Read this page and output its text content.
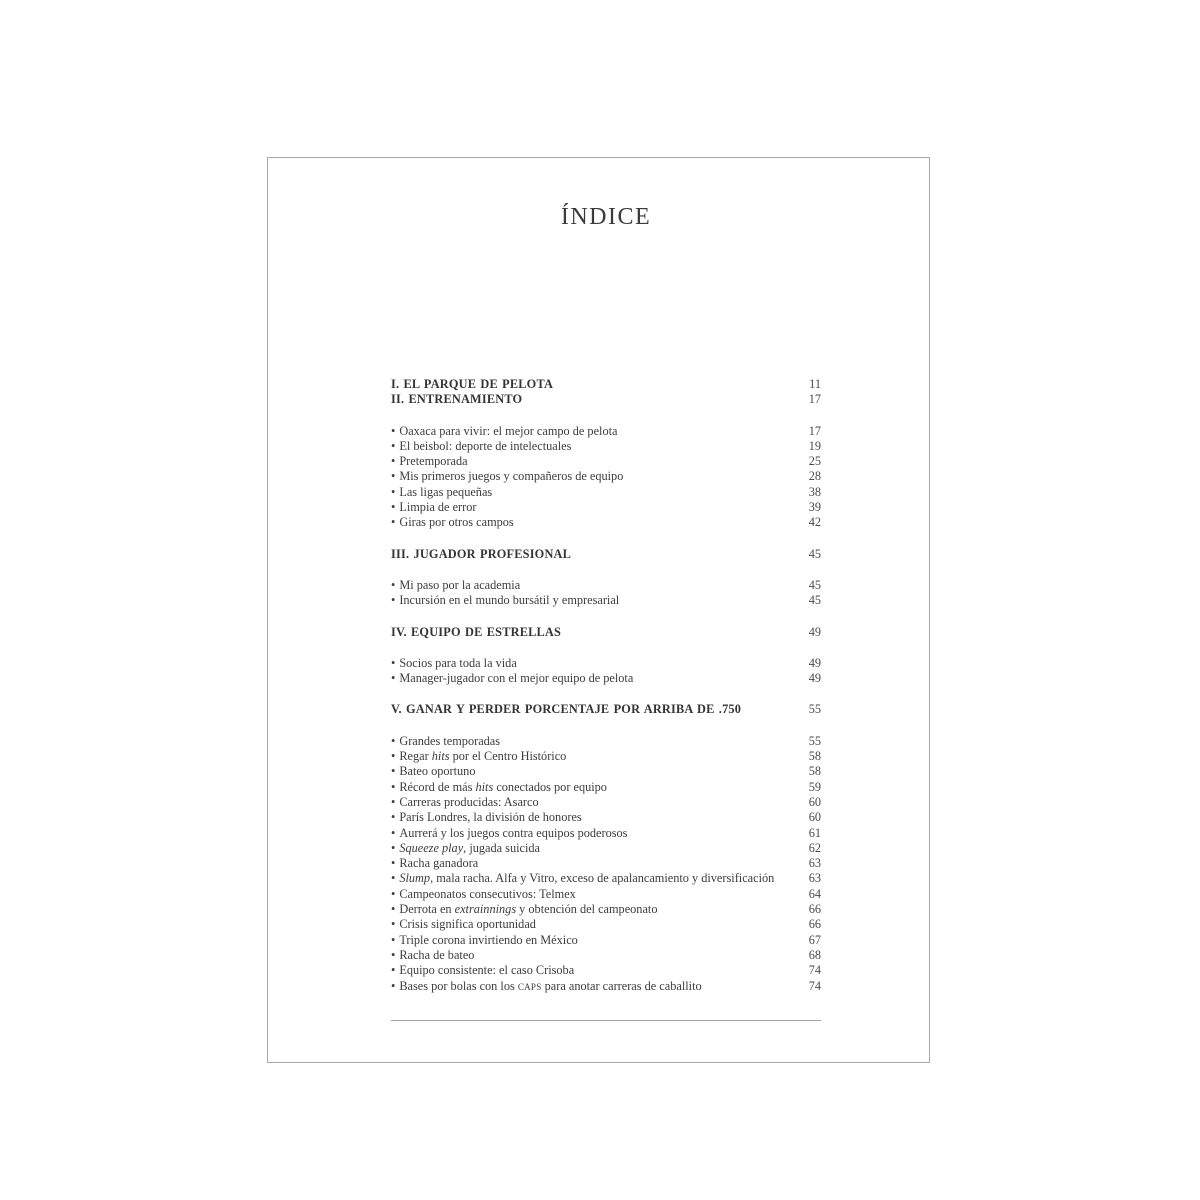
ÍNDICE
I. EL PARQUE DE PELOTA	11
II. ENTRENAMIENTO	17
• Oaxaca para vivir: el mejor campo de pelota	17
• El beisbol: deporte de intelectuales	19
• Pretemporada	25
• Mis primeros juegos y compañeros de equipo	28
• Las ligas pequeñas	38
• Limpia de error	39
• Giras por otros campos	42
III. JUGADOR PROFESIONAL	45
• Mi paso por la academia	45
• Incursión en el mundo bursátil y empresarial	45
IV. EQUIPO DE ESTRELLAS	49
• Socios para toda la vida	49
• Manager-jugador con el mejor equipo de pelota	49
V. GANAR Y PERDER PORCENTAJE POR ARRIBA DE .750	55
• Grandes temporadas	55
• Regar hits por el Centro Histórico	58
• Bateo oportuno	58
• Récord de más hits conectados por equipo	59
• Carreras producidas: Asarco	60
• París Londres, la división de honores	60
• Aurrerá y los juegos contra equipos poderosos	61
• Squeeze play, jugada suicida	62
• Racha ganadora	63
• Slump, mala racha. Alfa y Vitro, exceso de apalancamiento y diversificación	63
• Campeonatos consecutivos: Telmex	64
• Derrota en extrainnings y obtención del campeonato	66
• Crisis significa oportunidad	66
• Triple corona invirtiendo en México	67
• Racha de bateo	68
• Equipo consistente: el caso Crisoba	74
• Bases por bolas con los caps para anotar carreras de caballito	74
